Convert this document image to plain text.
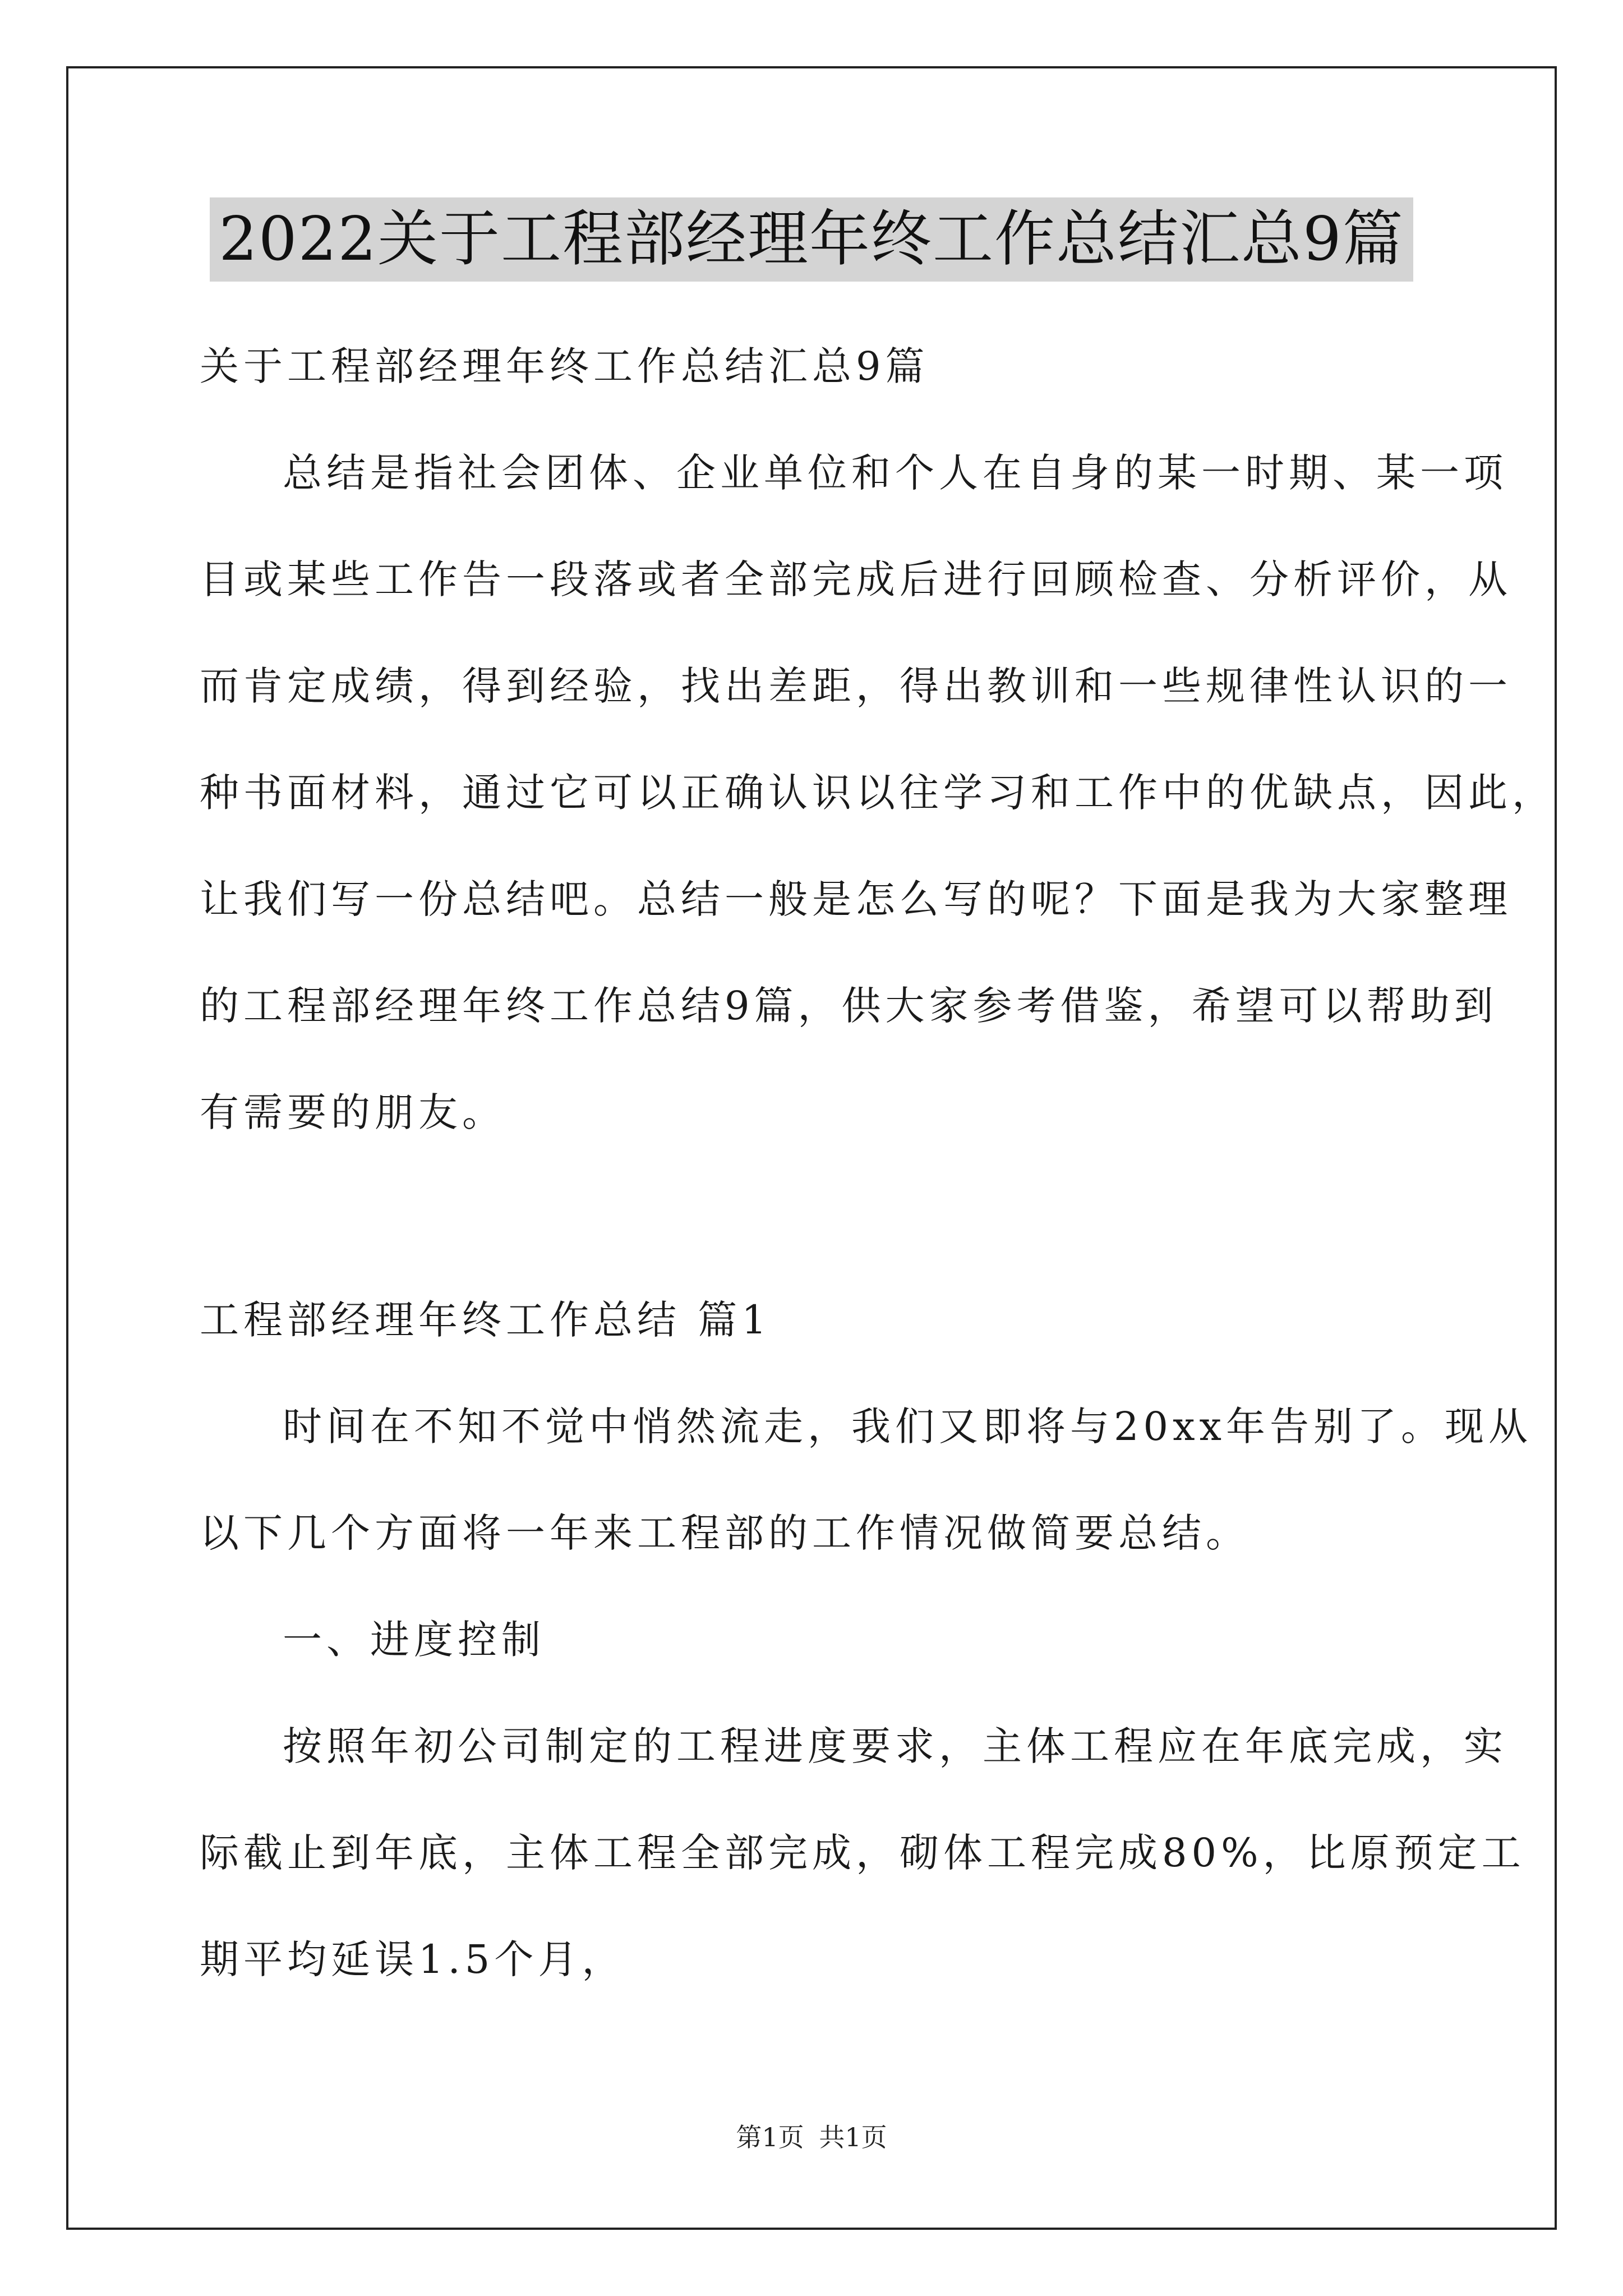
2022关于工程部经理年终工作总结汇总9篇
关于工程部经理年终工作总结汇总9篇
总结是指社会团体、企业单位和个人在自身的某一时期、某一项
目或某些工作告一段落或者全部完成后进行回顾检查、分析评价，从
而肯定成绩，得到经验，找出差距，得出教训和一些规律性认识的一
种书面材料，通过它可以正确认识以往学习和工作中的优缺点，因此，
让我们写一份总结吧。总结一般是怎么写的呢？下面是我为大家整理
的工程部经理年终工作总结9篇，供大家参考借鉴，希望可以帮助到
有需要的朋友。
工程部经理年终工作总结 篇1
时间在不知不觉中悄然流走，我们又即将与20xx年告别了。现从
以下几个方面将一年来工程部的工作情况做简要总结。
一、进度控制
按照年初公司制定的工程进度要求，主体工程应在年底完成，实
际截止到年底，主体工程全部完成，砌体工程完成80%，比原预定工
期平均延误1.5个月，
第1页 共1页
